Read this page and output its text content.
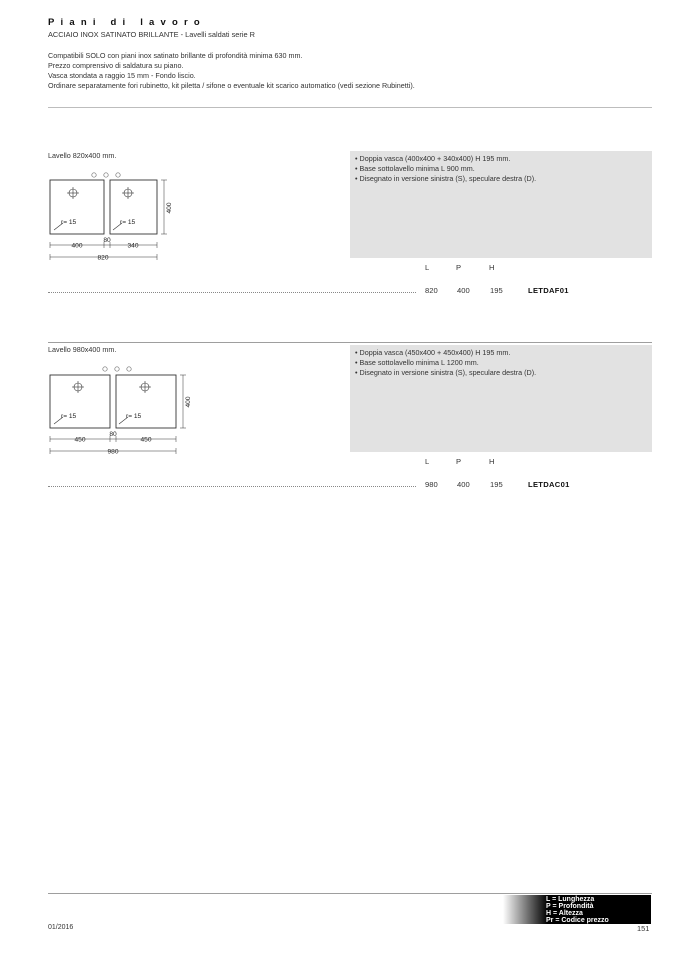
Piani di lavoro
ACCIAIO INOX SATINATO BRILLANTE - Lavelli saldati serie R
Compatibili SOLO con piani inox satinato brillante di profondità minima 630 mm.
Prezzo comprensivo di saldatura su piano.
Vasca stondata a raggio 15 mm - Fondo liscio.
Ordinare separatamente fori rubinetto, kit piletta / sifone o eventuale kit scarico automatico (vedi sezione Rubinetti).
Lavello 820x400 mm.
r= 15	r= 15
400
80
400	340
820
• Doppia vasca (400x400 + 340x400) H 195 mm.
• Base sottolavello minima L 900 mm.
• Disegnato in versione sinistra (S), speculare destra (D).
L	P	H
820	400	195	LETDAF01
Lavello 980x400 mm.
r= 15	r= 15
400
80
450	450
980
• Doppia vasca (450x400 + 450x400) H 195 mm.
• Base sottolavello minima L 1200 mm.
• Disegnato in versione sinistra (S), speculare destra (D).
L	P	H
980	400	195	LETDAC01
L = Lunghezza
P = Profondità
H = Altezza
Pr = Codice prezzo
01/2016	151
